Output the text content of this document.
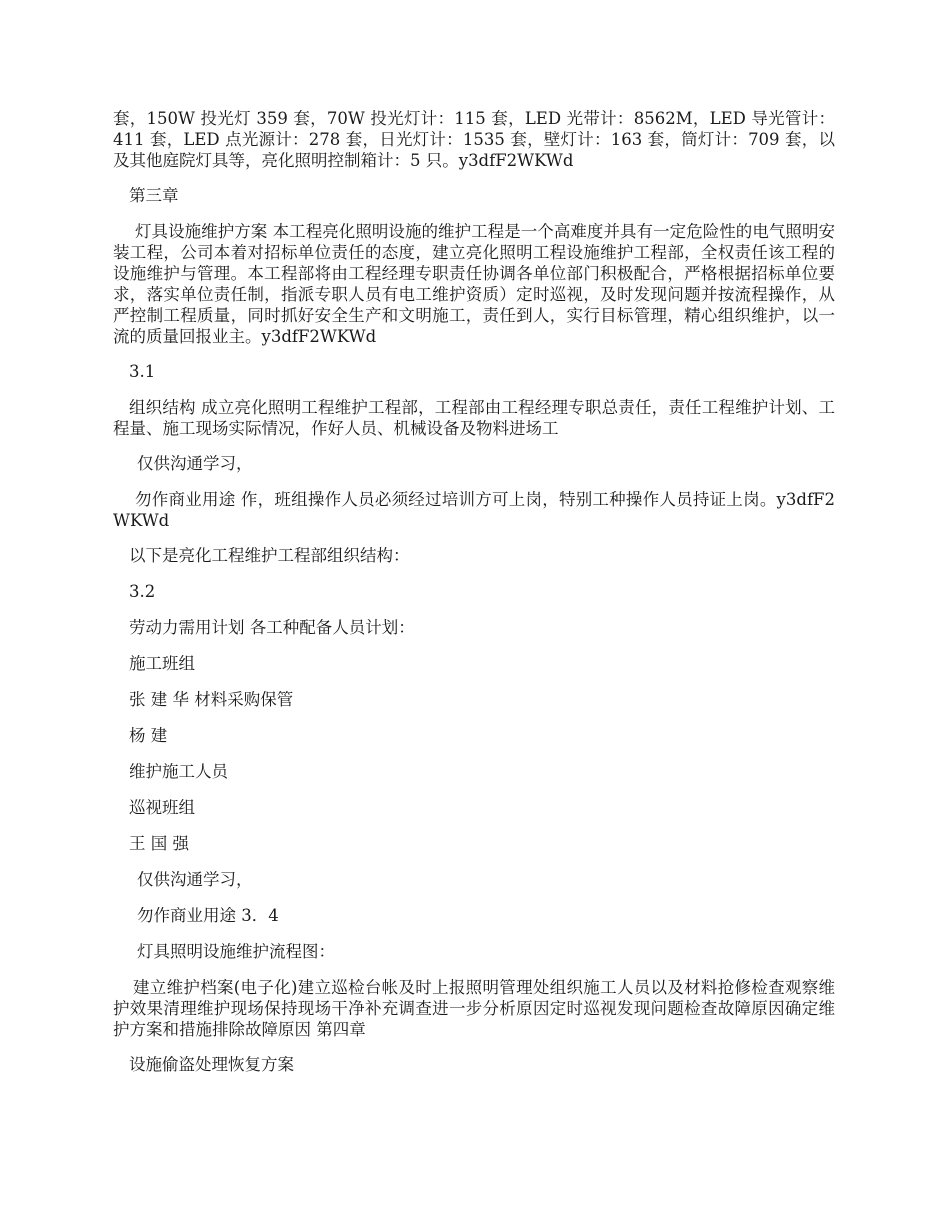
套，150W 投光灯 359 套，70W 投光灯计：115 套，LED 光带计：8562M，LED 导光管计：411 套，LED 点光源计：278 套，日光灯计：1535 套，壁灯计：163 套，筒灯计：709 套，以及其他庭院灯具等，亮化照明控制箱计：5 只。y3dfF2WKWd

第三章

灯具设施维护方案 本工程亮化照明设施的维护工程是一个高难度并具有一定危险性的电气照明安装工程，公司本着对招标单位责任的态度，建立亮化照明工程设施维护工程部，全权责任该工程的设施维护与管理。本工程部将由工程经理专职责任协调各单位部门积极配合，严格根据招标单位要求，落实单位责任制，指派专职人员有电工维护资质）定时巡视，及时发现问题并按流程操作，从严控制工程质量，同时抓好安全生产和文明施工，责任到人，实行目标管理，精心组织维护，以一流的质量回报业主。y3dfF2WKWd

3.1

组织结构 成立亮化照明工程维护工程部，工程部由工程经理专职总责任，责任工程维护计划、工程量、施工现场实际情况，作好人员、机械设备及物料进场工

仅供沟通学习，

勿作商业用途 作，班组操作人员必须经过培训方可上岗，特别工种操作人员持证上岗。y3dfF2WKWd

以下是亮化工程维护工程部组织结构：

3.2

劳动力需用计划 各工种配备人员计划：

施工班组

张 建 华 材料采购保管

杨 建

维护施工人员

巡视班组

王 国 强

仅供沟通学习，

勿作商业用途 3．4

灯具照明设施维护流程图：

建立维护档案(电子化)建立巡检台帐及时上报照明管理处组织施工人员以及材料抢修检查观察维护效果清理维护现场保持现场干净补充调查进一步分析原因定时巡视发现问题检查故障原因确定维护方案和措施排除故障原因 第四章

设施偷盗处理恢复方案
